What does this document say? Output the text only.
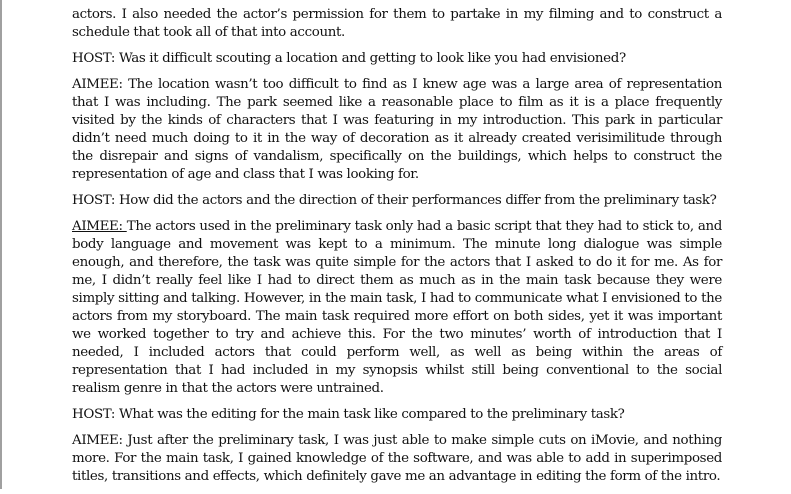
actors. I also needed the actor’s permission for them to partake in my filming and to construct a schedule that took all of that into account.

HOST: Was it difficult scouting a location and getting to look like you had envisioned?

AIMEE: The location wasn’t too difficult to find as I knew age was a large area of representation that I was including. The park seemed like a reasonable place to film as it is a place frequently visited by the kinds of characters that I was featuring in my introduction. This park in particular didn’t need much doing to it in the way of decoration as it already created verisimilitude through the disrepair and signs of vandalism, specifically on the buildings, which helps to construct the representation of age and class that I was looking for.

HOST: How did the actors and the direction of their performances differ from the preliminary task?

AIMEE: The actors used in the preliminary task only had a basic script that they had to stick to, and body language and movement was kept to a minimum. The minute long dialogue was simple enough, and therefore, the task was quite simple for the actors that I asked to do it for me. As for me, I didn’t really feel like I had to direct them as much as in the main task because they were simply sitting and talking. However, in the main task, I had to communicate what I envisioned to the actors from my storyboard. The main task required more effort on both sides, yet it was important we worked together to try and achieve this. For the two minutes’ worth of introduction that I needed, I included actors that could perform well, as well as being within the areas of representation that I had included in my synopsis whilst still being conventional to the social realism genre in that the actors were untrained.

HOST: What was the editing for the main task like compared to the preliminary task?

AIMEE: Just after the preliminary task, I was just able to make simple cuts on iMovie, and nothing more. For the main task, I gained knowledge of the software, and was able to add in superimposed titles, transitions and effects, which definitely gave me an advantage in editing the form of the intro.
